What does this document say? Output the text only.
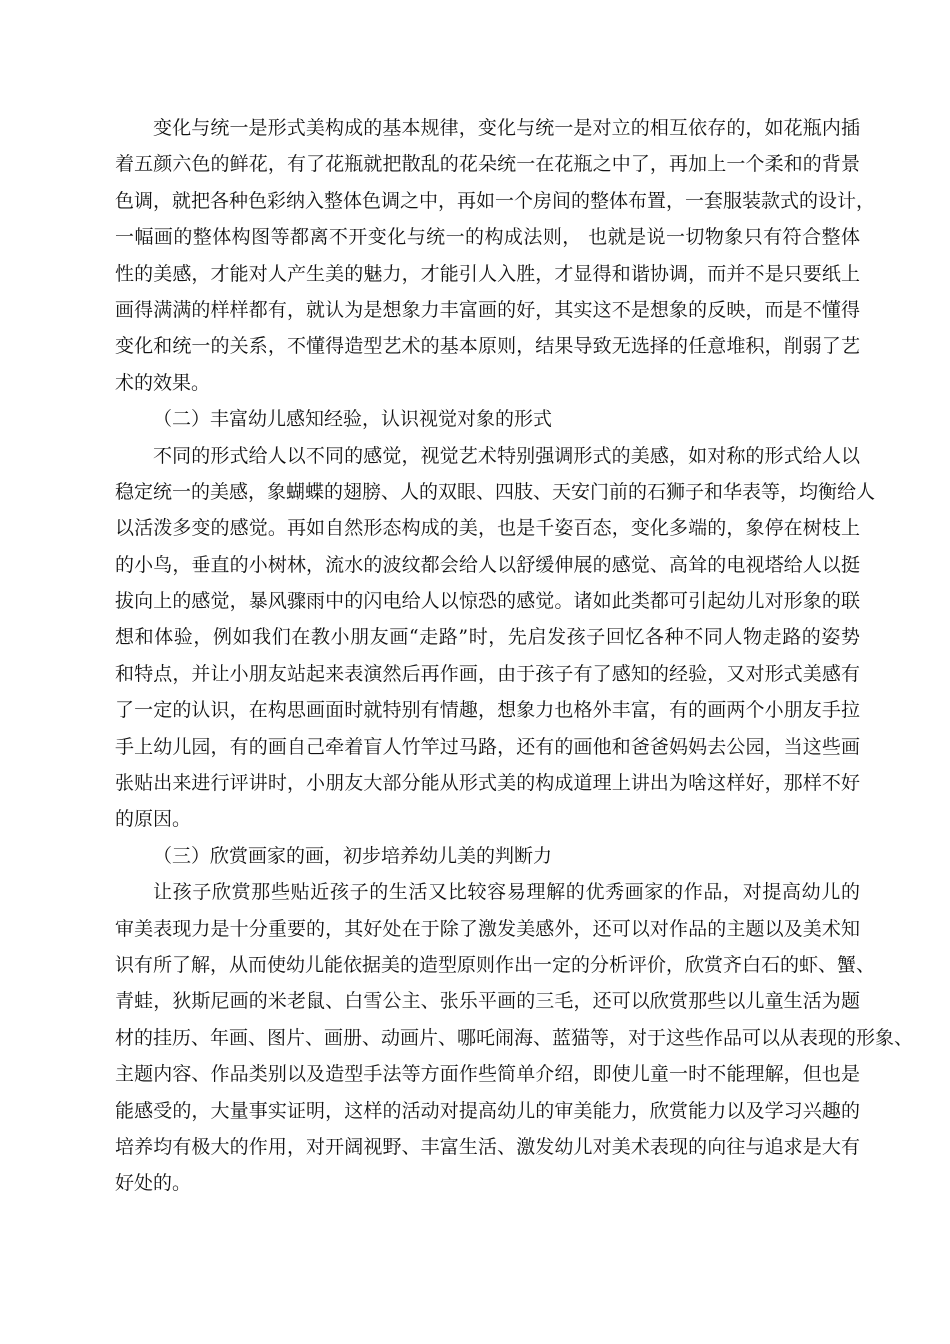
变化与统一是形式美构成的基本规律，变化与统一是对立的相互依存的，如花瓶内插
着五颜六色的鲜花，有了花瓶就把散乱的花朵统一在花瓶之中了，再加上一个柔和的背景
色调，就把各种色彩纳入整体色调之中，再如一个房间的整体布置，一套服装款式的设计，
一幅画的整体构图等都离不开变化与统一的构成法则， 也就是说一切物象只有符合整体
性的美感，才能对人产生美的魅力，才能引人入胜，才显得和谐协调，而并不是只要纸上
画得满满的样样都有，就认为是想象力丰富画的好，其实这不是想象的反映，而是不懂得
变化和统一的关系，不懂得造型艺术的基本原则，结果导致无选择的任意堆积，削弱了艺
术的效果。
（二）丰富幼儿感知经验，认识视觉对象的形式
不同的形式给人以不同的感觉，视觉艺术特别强调形式的美感，如对称的形式给人以
稳定统一的美感，象蝴蝶的翅膀、人的双眼、四肢、天安门前的石狮子和华表等，均衡给人
以活泼多变的感觉。再如自然形态构成的美，也是千姿百态，变化多端的，象停在树枝上
的小鸟，垂直的小树林，流水的波纹都会给人以舒缓伸展的感觉、高耸的电视塔给人以挺
拔向上的感觉，暴风骤雨中的闪电给人以惊恐的感觉。诸如此类都可引起幼儿对形象的联
想和体验，例如我们在教小朋友画“走路”时，先启发孩子回忆各种不同人物走路的姿势
和特点，并让小朋友站起来表演然后再作画，由于孩子有了感知的经验，又对形式美感有
了一定的认识，在构思画面时就特别有情趣，想象力也格外丰富，有的画两个小朋友手拉
手上幼儿园，有的画自己牵着盲人竹竿过马路，还有的画他和爸爸妈妈去公园，当这些画
张贴出来进行评讲时，小朋友大部分能从形式美的构成道理上讲出为啥这样好，那样不好
的原因。
（三）欣赏画家的画，初步培养幼儿美的判断力
让孩子欣赏那些贴近孩子的生活又比较容易理解的优秀画家的作品，对提高幼儿的
审美表现力是十分重要的，其好处在于除了激发美感外，还可以对作品的主题以及美术知
识有所了解，从而使幼儿能依据美的造型原则作出一定的分析评价，欣赏齐白石的虾、蟹、
青蛙，狄斯尼画的米老鼠、白雪公主、张乐平画的三毛，还可以欣赏那些以儿童生活为题
材的挂历、年画、图片、画册、动画片、哪吒闹海、蓝猫等，对于这些作品可以从表现的形象、
主题内容、作品类别以及造型手法等方面作些简单介绍，即使儿童一时不能理解，但也是
能感受的，大量事实证明，这样的活动对提高幼儿的审美能力，欣赏能力以及学习兴趣的
培养均有极大的作用，对开阔视野、丰富生活、激发幼儿对美术表现的向往与追求是大有
好处的。
